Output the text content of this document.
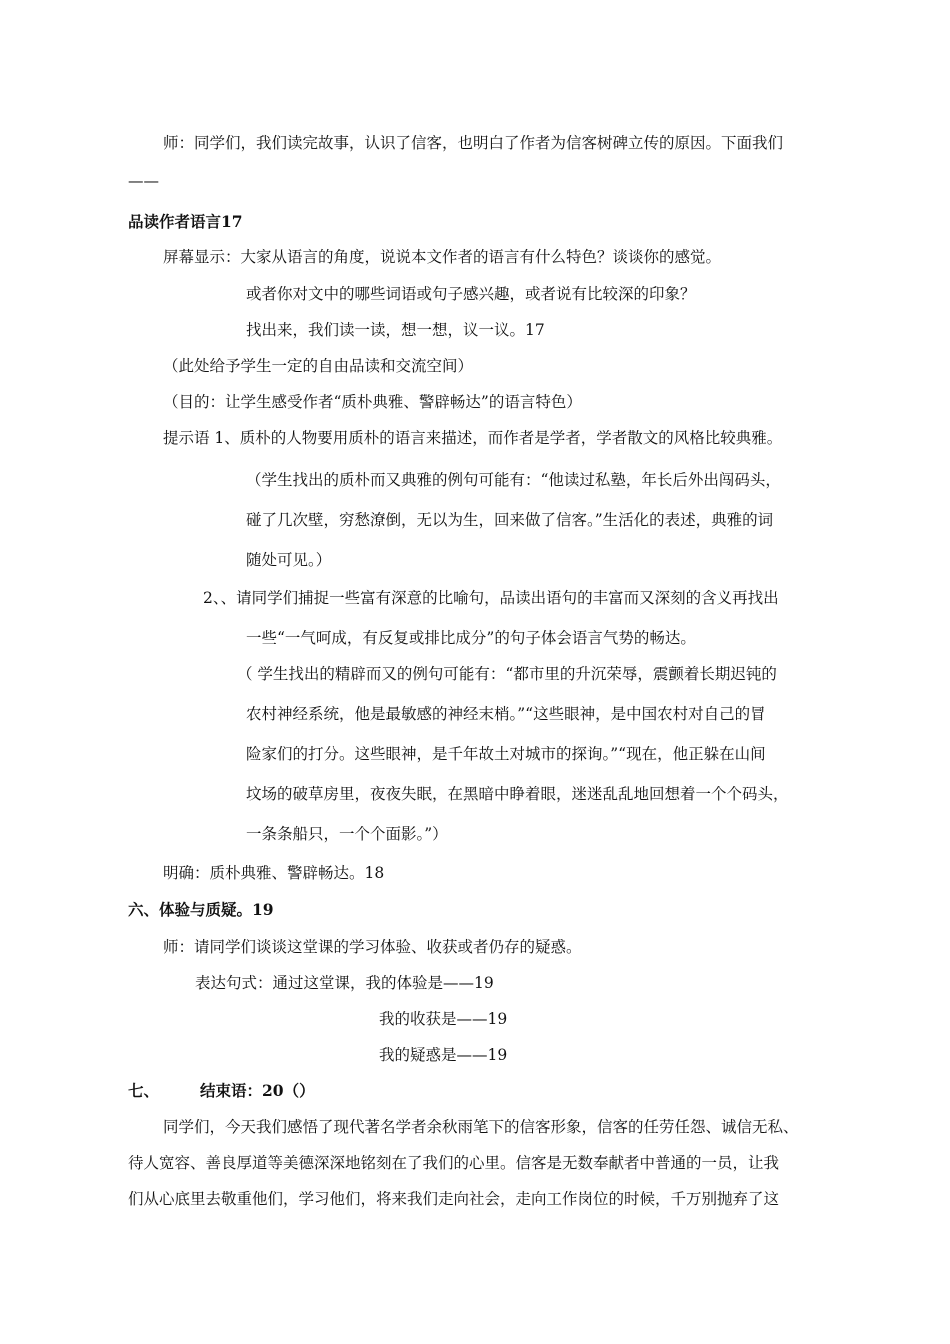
师：同学们，我们读完故事，认识了信客，也明白了作者为信客树碑立传的原因。下面我们
——
品读作者语言17
屏幕显示：大家从语言的角度，说说本文作者的语言有什么特色？谈谈你的感觉。
或者你对文中的哪些词语或句子感兴趣，或者说有比较深的印象？
找出来，我们读一读，想一想，议一议。17
（此处给予学生一定的自由品读和交流空间）
（目的：让学生感受作者“质朴典雅、警辟畅达”的语言特色）
提示语 1、质朴的人物要用质朴的语言来描述，而作者是学者，学者散文的风格比较典雅。
（学生找出的质朴而又典雅的例句可能有：“他读过私塾，年长后外出闯码头，
碰了几次壁，穷愁潦倒，无以为生，回来做了信客。”生活化的表述，典雅的词
随处可见。）
2、、请同学们捕捉一些富有深意的比喻句，品读出语句的丰富而又深刻的含义再找出
一些“一气呵成，有反复或排比成分”的句子体会语言气势的畅达。
（ 学生找出的精辟而又的例句可能有：“都市里的升沉荣辱，震颤着长期迟钝的
农村神经系统，他是最敏感的神经末梢。”“这些眼神，是中国农村对自己的冒
险家们的打分。这些眼神，是千年故土对城市的探询。”“现在，他正躲在山间
坟场的破草房里，夜夜失眠，在黑暗中睁着眼，迷迷乱乱地回想着一个个码头，
一条条船只，一个个面影。”）
明确：质朴典雅、警辟畅达。18
六、体验与质疑。19
师：请同学们谈谈这堂课的学习体验、收获或者仍存的疑惑。
表达句式：通过这堂课，我的体验是——19
我的收获是——19
我的疑惑是——19
七、	结束语：20（）
同学们，今天我们感悟了现代著名学者余秋雨笔下的信客形象，信客的任劳任怨、诚信无私、
待人宽容、善良厚道等美德深深地铭刻在了我们的心里。信客是无数奉献者中普通的一员，让我
们从心底里去敬重他们，学习他们，将来我们走向社会，走向工作岗位的时候，千万别抛弃了这
